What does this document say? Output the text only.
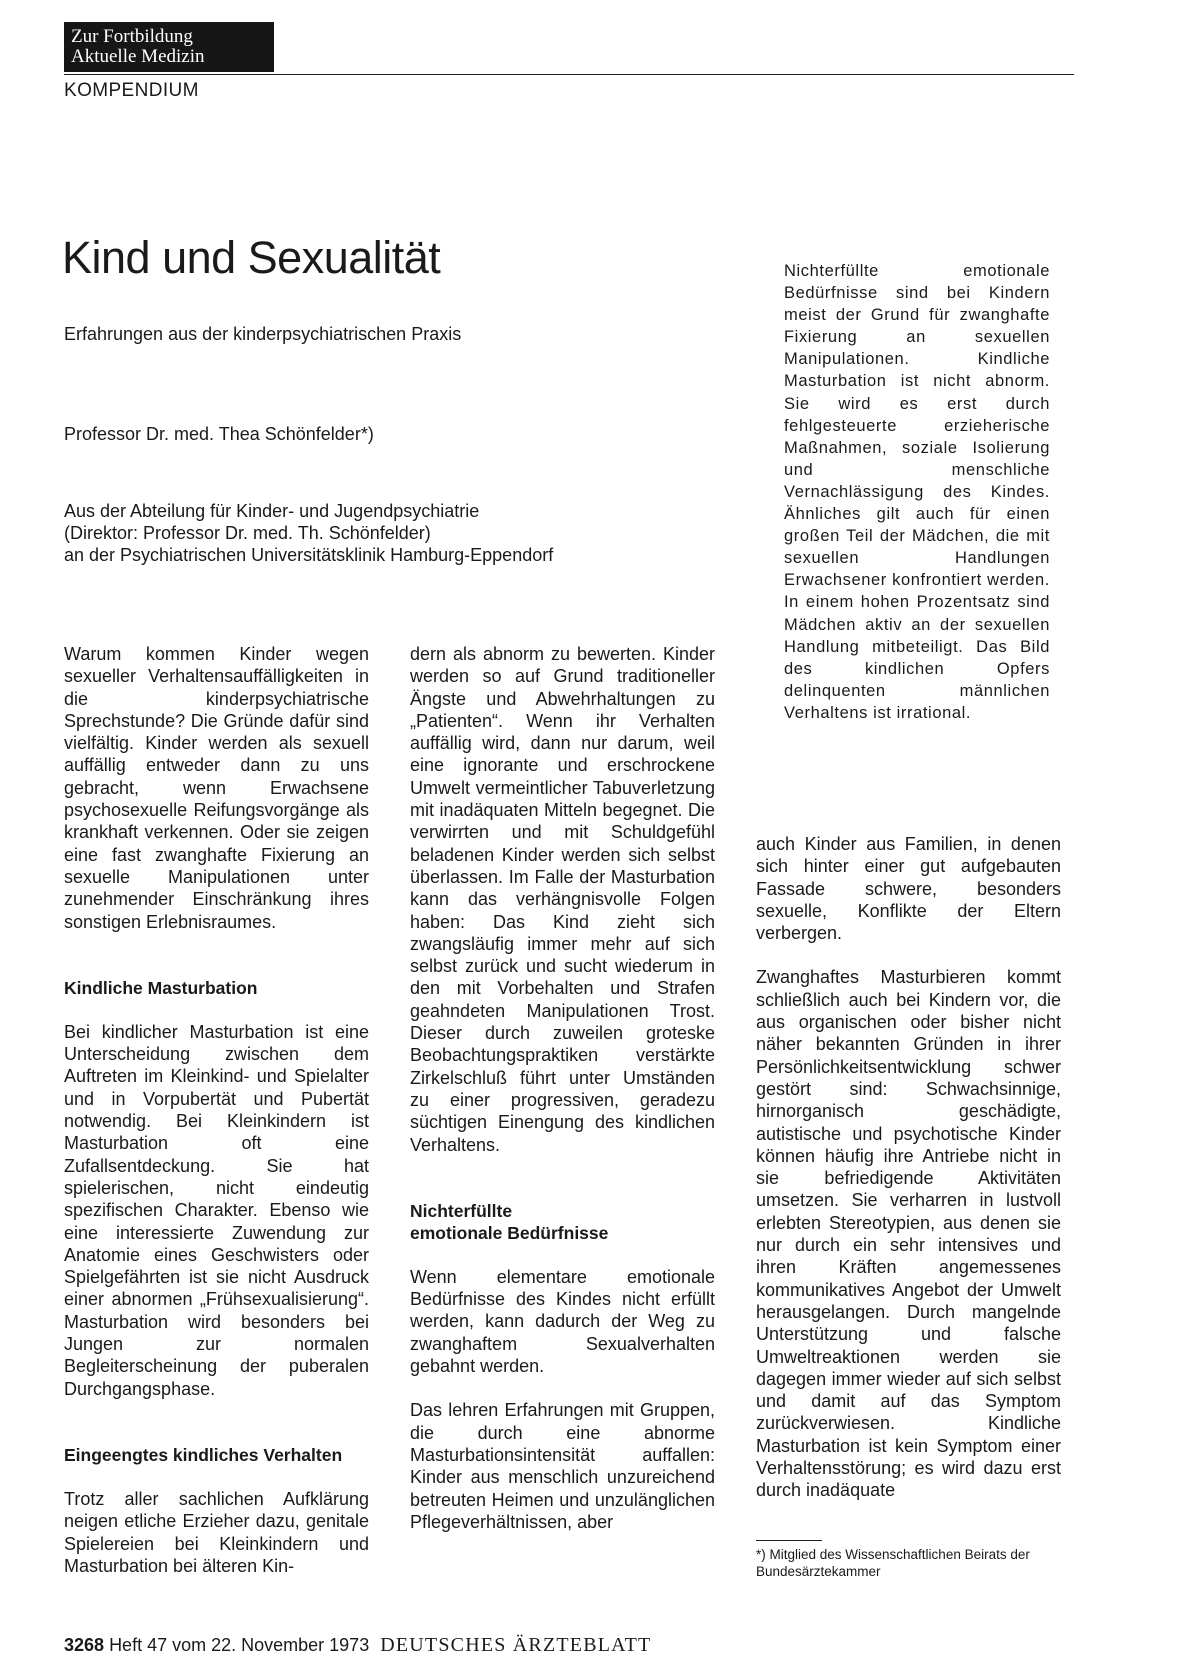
Zur Fortbildung
Aktuelle Medizin
KOMPENDIUM
Kind und Sexualität
Erfahrungen aus der kinderpsychiatrischen Praxis
Professor Dr. med. Thea Schönfelder*)
Aus der Abteilung für Kinder- und Jugendpsychiatrie
(Direktor: Professor Dr. med. Th. Schönfelder)
an der Psychiatrischen Universitätsklinik Hamburg-Eppendorf

Nichterfüllte emotionale Bedürfnisse sind bei Kindern meist der Grund für zwanghafte Fixierung an sexuellen Manipulationen. Kindliche Masturbation ist nicht abnorm. Sie wird es erst durch fehlgesteuerte erzieherische Maßnahmen, soziale Isolierung und menschliche Vernachlässigung des Kindes. Ähnliches gilt auch für einen großen Teil der Mädchen, die mit sexuellen Handlungen Erwachsener konfrontiert werden. In einem hohen Prozentsatz sind Mädchen aktiv an der sexuellen Handlung mitbeteiligt. Das Bild des kindlichen Opfers delinquenten männlichen Verhaltens ist irrational.

Warum kommen Kinder wegen sexueller Verhaltensauffälligkeiten in die kinderpsychiatrische Sprechstunde? Die Gründe dafür sind vielfältig. Kinder werden als sexuell auffällig entweder dann zu uns gebracht, wenn Erwachsene psychosexuelle Reifungsvorgänge als krankhaft verkennen. Oder sie zeigen eine fast zwanghafte Fixierung an sexuelle Manipulationen unter zunehmender Einschränkung ihres sonstigen Erlebnisraumes.

Kindliche Masturbation

Bei kindlicher Masturbation ist eine Unterscheidung zwischen dem Auftreten im Kleinkind- und Spielalter und in Vorpubertät und Pubertät notwendig. Bei Kleinkindern ist Masturbation oft eine Zufallsentdeckung. Sie hat spielerischen, nicht eindeutig spezifischen Charakter. Ebenso wie eine interessierte Zuwendung zur Anatomie eines Geschwisters oder Spielgefährten ist sie nicht Ausdruck einer abnormen „Frühsexualisierung“. Masturbation wird besonders bei Jungen zur normalen Begleiterscheinung der puberalen Durchgangsphase.

Eingeengtes kindliches Verhalten

Trotz aller sachlichen Aufklärung neigen etliche Erzieher dazu, genitale Spielereien bei Kleinkindern und Masturbation bei älteren Kin-

dern als abnorm zu bewerten. Kinder werden so auf Grund traditioneller Ängste und Abwehrhaltungen zu „Patienten“. Wenn ihr Verhalten auffällig wird, dann nur darum, weil eine ignorante und erschrockene Umwelt vermeintlicher Tabuverletzung mit inadäquaten Mitteln begegnet. Die verwirrten und mit Schuldgefühl beladenen Kinder werden sich selbst überlassen. Im Falle der Masturbation kann das verhängnisvolle Folgen haben: Das Kind zieht sich zwangsläufig immer mehr auf sich selbst zurück und sucht wiederum in den mit Vorbehalten und Strafen geahndeten Manipulationen Trost. Dieser durch zuweilen groteske Beobachtungspraktiken verstärkte Zirkelschluß führt unter Umständen zu einer progressiven, geradezu süchtigen Einengung des kindlichen Verhaltens.

Nichterfüllte

emotionale Bedürfnisse

Wenn elementare emotionale Bedürfnisse des Kindes nicht erfüllt werden, kann dadurch der Weg zu zwanghaftem Sexualverhalten gebahnt werden.

Das lehren Erfahrungen mit Gruppen, die durch eine abnorme Masturbationsintensität auffallen: Kinder aus menschlich unzureichend betreuten Heimen und unzulänglichen Pflegeverhältnissen, aber

auch Kinder aus Familien, in denen sich hinter einer gut aufgebauten Fassade schwere, besonders sexuelle, Konflikte der Eltern verbergen.

Zwanghaftes Masturbieren kommt schließlich auch bei Kindern vor, die aus organischen oder bisher nicht näher bekannten Gründen in ihrer Persönlichkeitsentwicklung schwer gestört sind: Schwachsinnige, hirnorganisch geschädigte, autistische und psychotische Kinder können häufig ihre Antriebe nicht in sie befriedigende Aktivitäten umsetzen. Sie verharren in lustvoll erlebten Stereotypien, aus denen sie nur durch ein sehr intensives und ihren Kräften angemessenes kommunikatives Angebot der Umwelt herausgelangen. Durch mangelnde Unterstützung und falsche Umweltreaktionen werden sie dagegen immer wieder auf sich selbst und damit auf das Symptom zurückverwiesen. Kindliche Masturbation ist kein Symptom einer Verhaltensstörung; es wird dazu erst durch inadäquate

*) Mitglied des Wissenschaftlichen Beirats der Bundesärztekammer
3268 Heft 47 vom 22. November 1973 DEUTSCHES ÄRZTEBLATT
